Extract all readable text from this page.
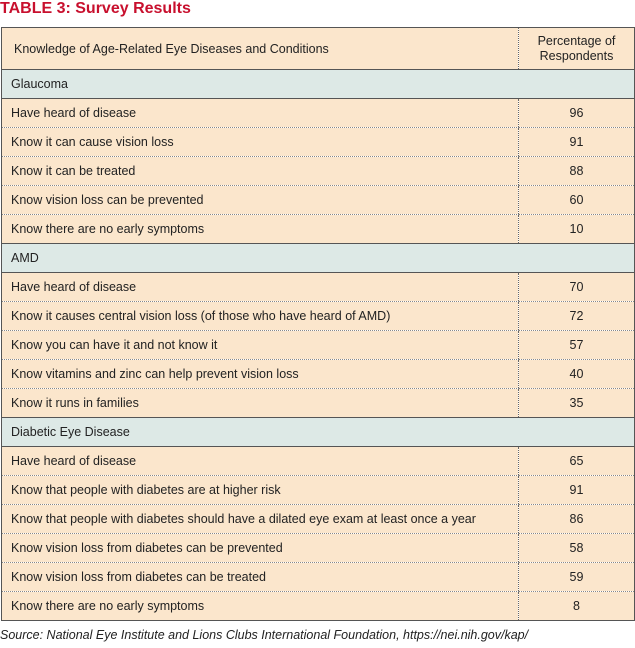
TABLE 3: Survey Results
Knowledge of Age-Related Eye Diseases and Conditions	Percentage of Respondents
Glaucoma	
Have heard of disease	96
Know it can cause vision loss	91
Know it can be treated	88
Know vision loss can be prevented	60
Know there are no early symptoms	10
AMD	
Have heard of disease	70
Know it causes central vision loss (of those who have heard of AMD)	72
Know you can have it and not know it	57
Know vitamins and zinc can help prevent vision loss	40
Know it runs in families	35
Diabetic Eye Disease	
Have heard of disease	65
Know that people with diabetes are at higher risk	91
Know that people with diabetes should have a dilated eye exam at least once a year	86
Know vision loss from diabetes can be prevented	58
Know vision loss from diabetes can be treated	59
Know there are no early symptoms	8
Source: National Eye Institute and Lions Clubs International Foundation, https://nei.nih.gov/kap/
